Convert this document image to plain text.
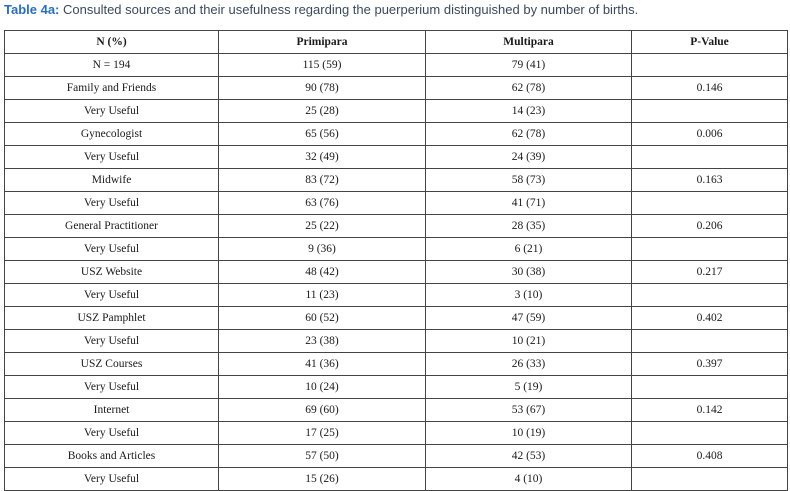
Table 4a: Consulted sources and their usefulness regarding the puerperium distinguished by number of births.
N (%)	Primipara	Multipara	P-Value
N = 194	115 (59)	79 (41)	
Family and Friends	90 (78)	62 (78)	0.146
Very Useful	25 (28)	14 (23)	
Gynecologist	65 (56)	62 (78)	0.006
Very Useful	32 (49)	24 (39)	
Midwife	83 (72)	58 (73)	0.163
Very Useful	63 (76)	41 (71)	
General Practitioner	25 (22)	28 (35)	0.206
Very Useful	9 (36)	6 (21)	
USZ Website	48 (42)	30 (38)	0.217
Very Useful	11 (23)	3 (10)	
USZ Pamphlet	60 (52)	47 (59)	0.402
Very Useful	23 (38)	10 (21)	
USZ Courses	41 (36)	26 (33)	0.397
Very Useful	10 (24)	5 (19)	
Internet	69 (60)	53 (67)	0.142
Very Useful	17 (25)	10 (19)	
Books and Articles	57 (50)	42 (53)	0.408
Very Useful	15 (26)	4 (10)	
